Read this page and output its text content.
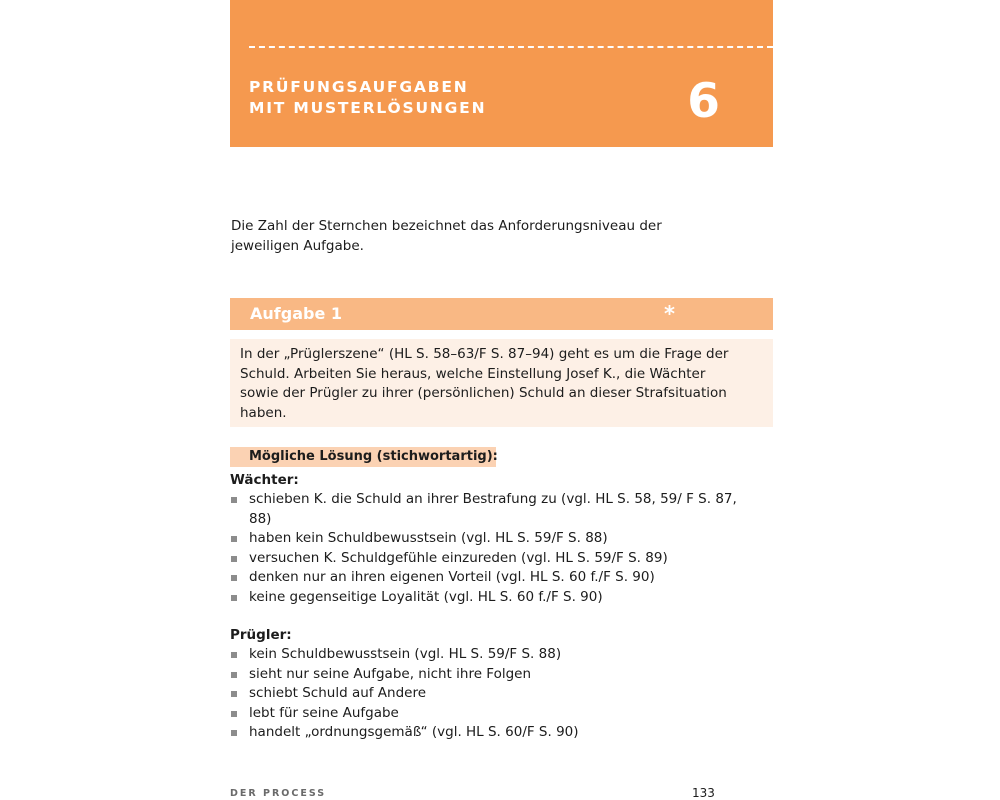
PRÜFUNGSAUFGABEN
MIT MUSTERLÖSUNGEN	6
Die Zahl der Sternchen bezeichnet das Anforderungsniveau der jeweiligen Aufgabe.
Aufgabe 1	*
In der „Prüglerszene“ (HL S. 58–63/F S. 87–94) geht es um die Frage der Schuld. Arbeiten Sie heraus, welche Einstellung Josef K., die Wächter sowie der Prügler zu ihrer (persönlichen) Schuld an dieser Strafsituation haben.
Mögliche Lösung (stichwortartig):
Wächter:
schieben K. die Schuld an ihrer Bestrafung zu (vgl. HL S. 58, 59/ F S. 87, 88)
haben kein Schuldbewusstsein (vgl. HL S. 59/F S. 88)
versuchen K. Schuldgefühle einzureden (vgl. HL S. 59/F S. 89)
denken nur an ihren eigenen Vorteil (vgl. HL S. 60 f./F S. 90)
keine gegenseitige Loyalität (vgl. HL S. 60 f./F S. 90)
Prügler:
kein Schuldbewusstsein (vgl. HL S. 59/F S. 88)
sieht nur seine Aufgabe, nicht ihre Folgen
schiebt Schuld auf Andere
lebt für seine Aufgabe
handelt „ordnungsgemäß“ (vgl. HL S. 60/F S. 90)
DER PROCESS	133
